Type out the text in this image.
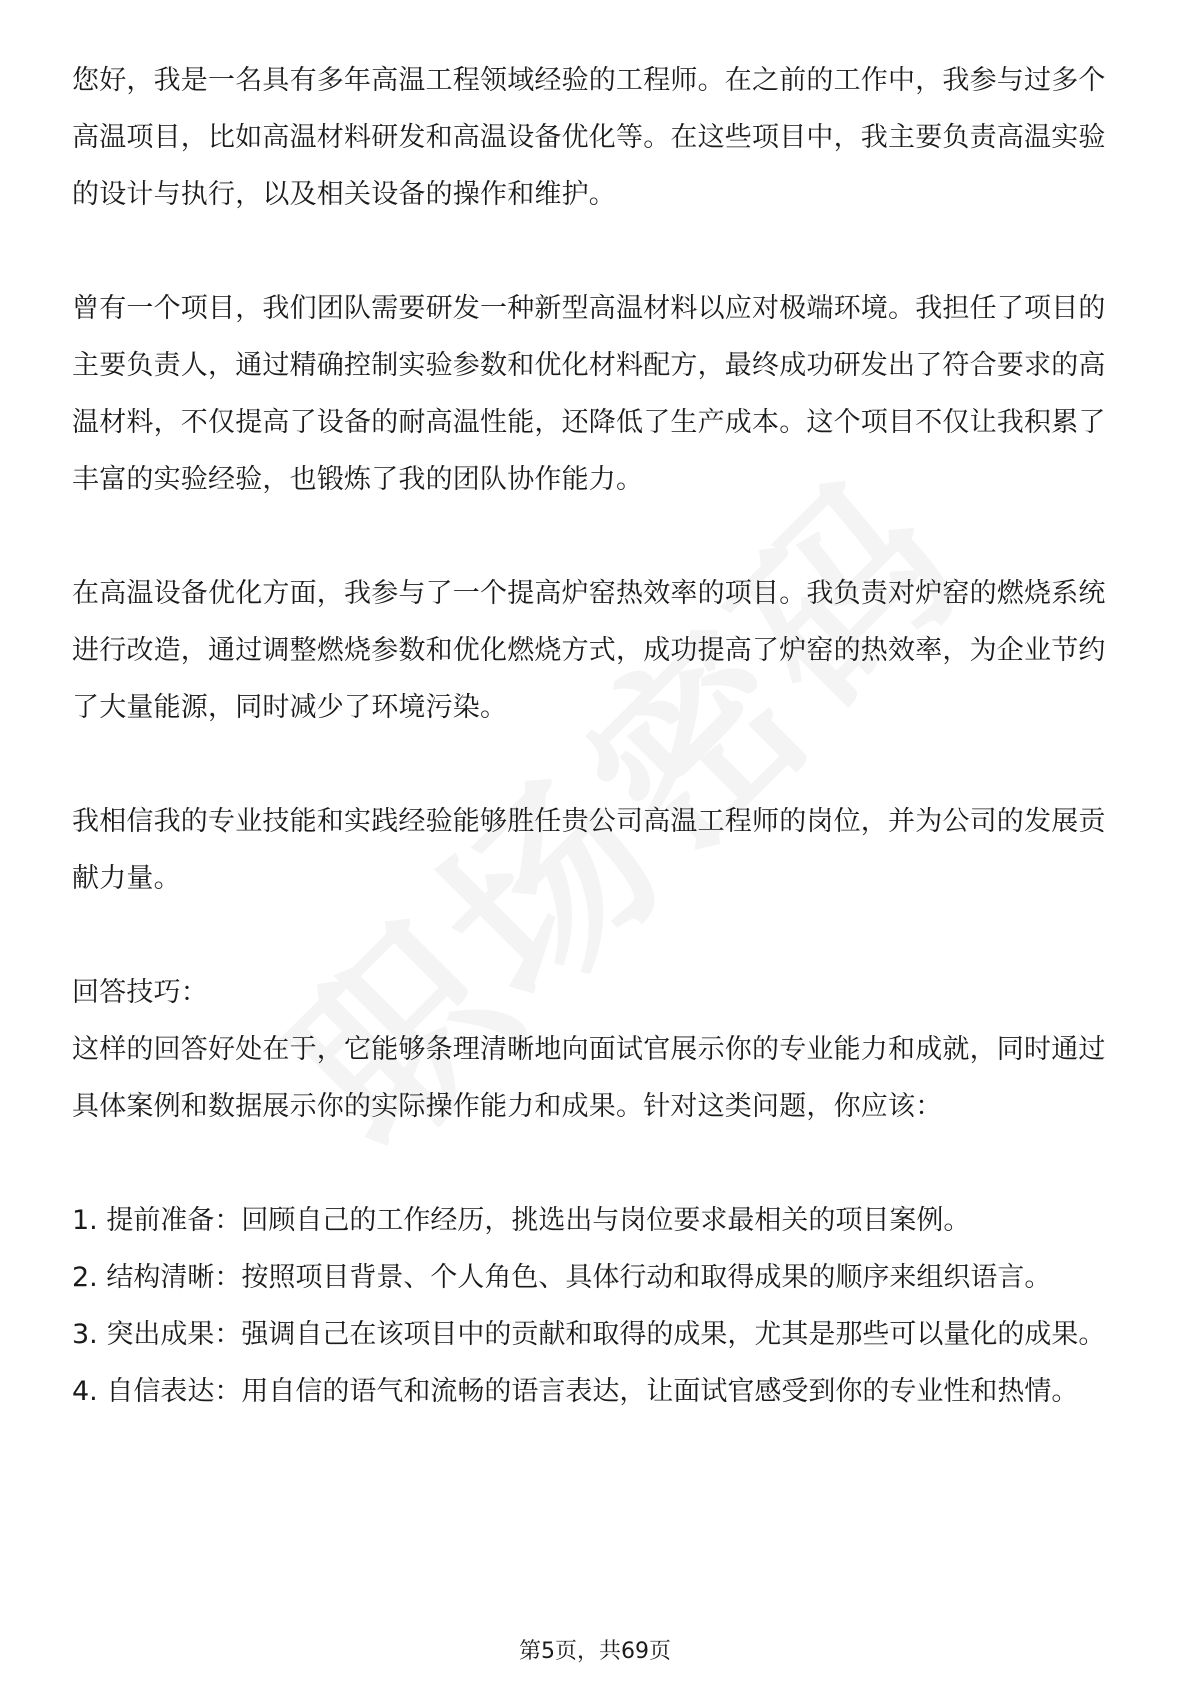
您好，我是一名具有多年高温工程领域经验的工程师。在之前的工作中，我参与过多个高温项目，比如高温材料研发和高温设备优化等。在这些项目中，我主要负责高温实验的设计与执行，以及相关设备的操作和维护。

曾有一个项目，我们团队需要研发一种新型高温材料以应对极端环境。我担任了项目的主要负责人，通过精确控制实验参数和优化材料配方，最终成功研发出了符合要求的高温材料，不仅提高了设备的耐高温性能，还降低了生产成本。这个项目不仅让我积累了丰富的实验经验，也锻炼了我的团队协作能力。

在高温设备优化方面，我参与了一个提高炉窑热效率的项目。我负责对炉窑的燃烧系统进行改造，通过调整燃烧参数和优化燃烧方式，成功提高了炉窑的热效率，为企业节约了大量能源，同时减少了环境污染。

我相信我的专业技能和实践经验能够胜任贵公司高温工程师的岗位，并为公司的发展贡献力量。

回答技巧：

这样的回答好处在于，它能够条理清晰地向面试官展示你的专业能力和成就，同时通过具体案例和数据展示你的实际操作能力和成果。针对这类问题，你应该：

1. 提前准备：回顾自己的工作经历，挑选出与岗位要求最相关的项目案例。

2. 结构清晰：按照项目背景、个人角色、具体行动和取得成果的顺序来组织语言。

3. 突出成果：强调自己在该项目中的贡献和取得的成果，尤其是那些可以量化的成果。

4. 自信表达：用自信的语气和流畅的语言表达，让面试官感受到你的专业性和热情。

第5页，共69页
